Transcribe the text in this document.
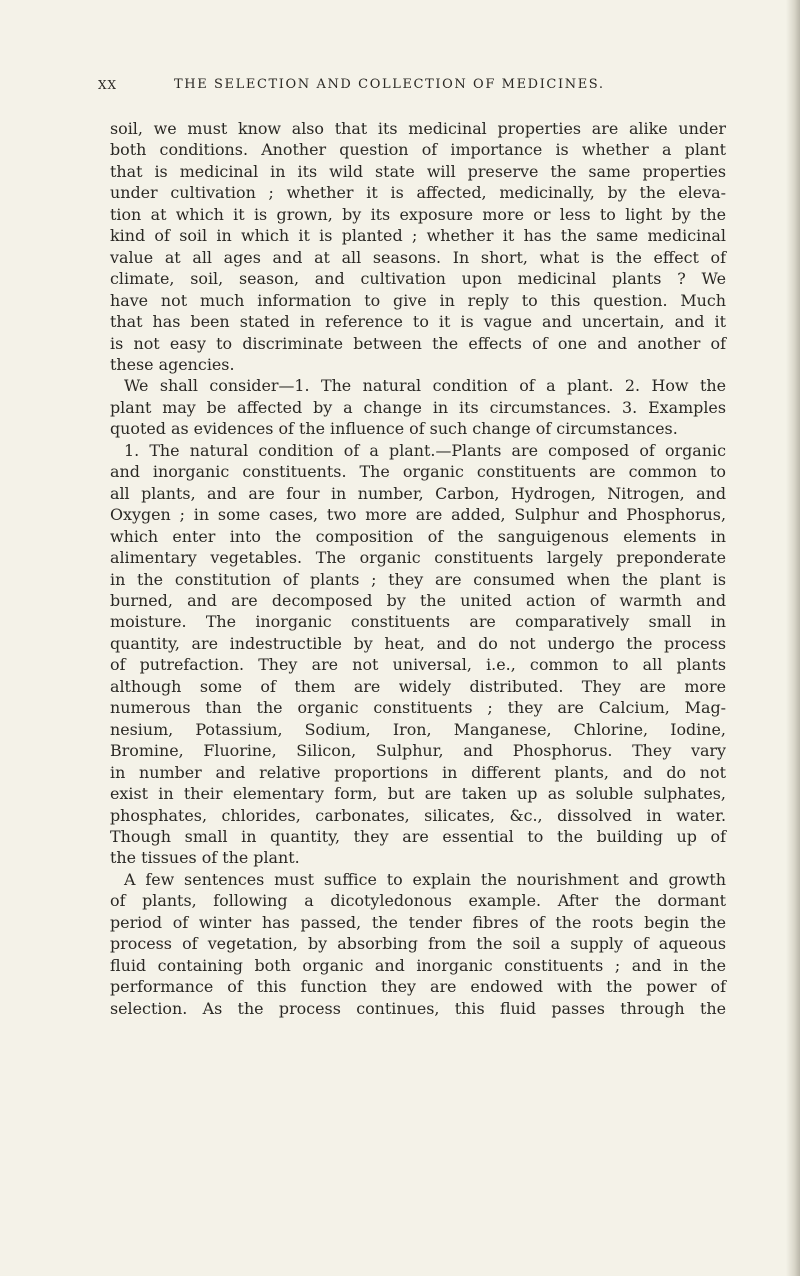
XX	THE SELECTION AND COLLECTION OF MEDICINES.
soil, we must know also that its medicinal properties are alike under
both conditions. Another question of importance is whether a plant
that is medicinal in its wild state will preserve the same properties
under cultivation ; whether it is affected, medicinally, by the eleva-
tion at which it is grown, by its exposure more or less to light by the
kind of soil in which it is planted ; whether it has the same medicinal
value at all ages and at all seasons. In short, what is the effect of
climate, soil, season, and cultivation upon medicinal plants ? We
have not much information to give in reply to this question. Much
that has been stated in reference to it is vague and uncertain, and it
is not easy to discriminate between the effects of one and another of
these agencies.
We shall consider—1. The natural condition of a plant. 2. How the
plant may be affected by a change in its circumstances. 3. Examples
quoted as evidences of the influence of such change of circumstances.
1. The natural condition of a plant.—Plants are composed of organic
and inorganic constituents. The organic constituents are common to
all plants, and are four in number, Carbon, Hydrogen, Nitrogen, and
Oxygen ; in some cases, two more are added, Sulphur and Phosphorus,
which enter into the composition of the sanguigenous elements in
alimentary vegetables. The organic constituents largely preponderate
in the constitution of plants ; they are consumed when the plant is
burned, and are decomposed by the united action of warmth and
moisture. The inorganic constituents are comparatively small in
quantity, are indestructible by heat, and do not undergo the process
of putrefaction. They are not universal, i.e., common to all plants
although some of them are widely distributed. They are more
numerous than the organic constituents ; they are Calcium, Mag-
nesium, Potassium, Sodium, Iron, Manganese, Chlorine, Iodine,
Bromine, Fluorine, Silicon, Sulphur, and Phosphorus. They vary
in number and relative proportions in different plants, and do not
exist in their elementary form, but are taken up as soluble sulphates,
phosphates, chlorides, carbonates, silicates, &c., dissolved in water.
Though small in quantity, they are essential to the building up of
the tissues of the plant.
A few sentences must suffice to explain the nourishment and growth
of plants, following a dicotyledonous example. After the dormant
period of winter has passed, the tender fibres of the roots begin the
process of vegetation, by absorbing from the soil a supply of aqueous
fluid containing both organic and inorganic constituents ; and in the
performance of this function they are endowed with the power of
selection. As the process continues, this fluid passes through the
